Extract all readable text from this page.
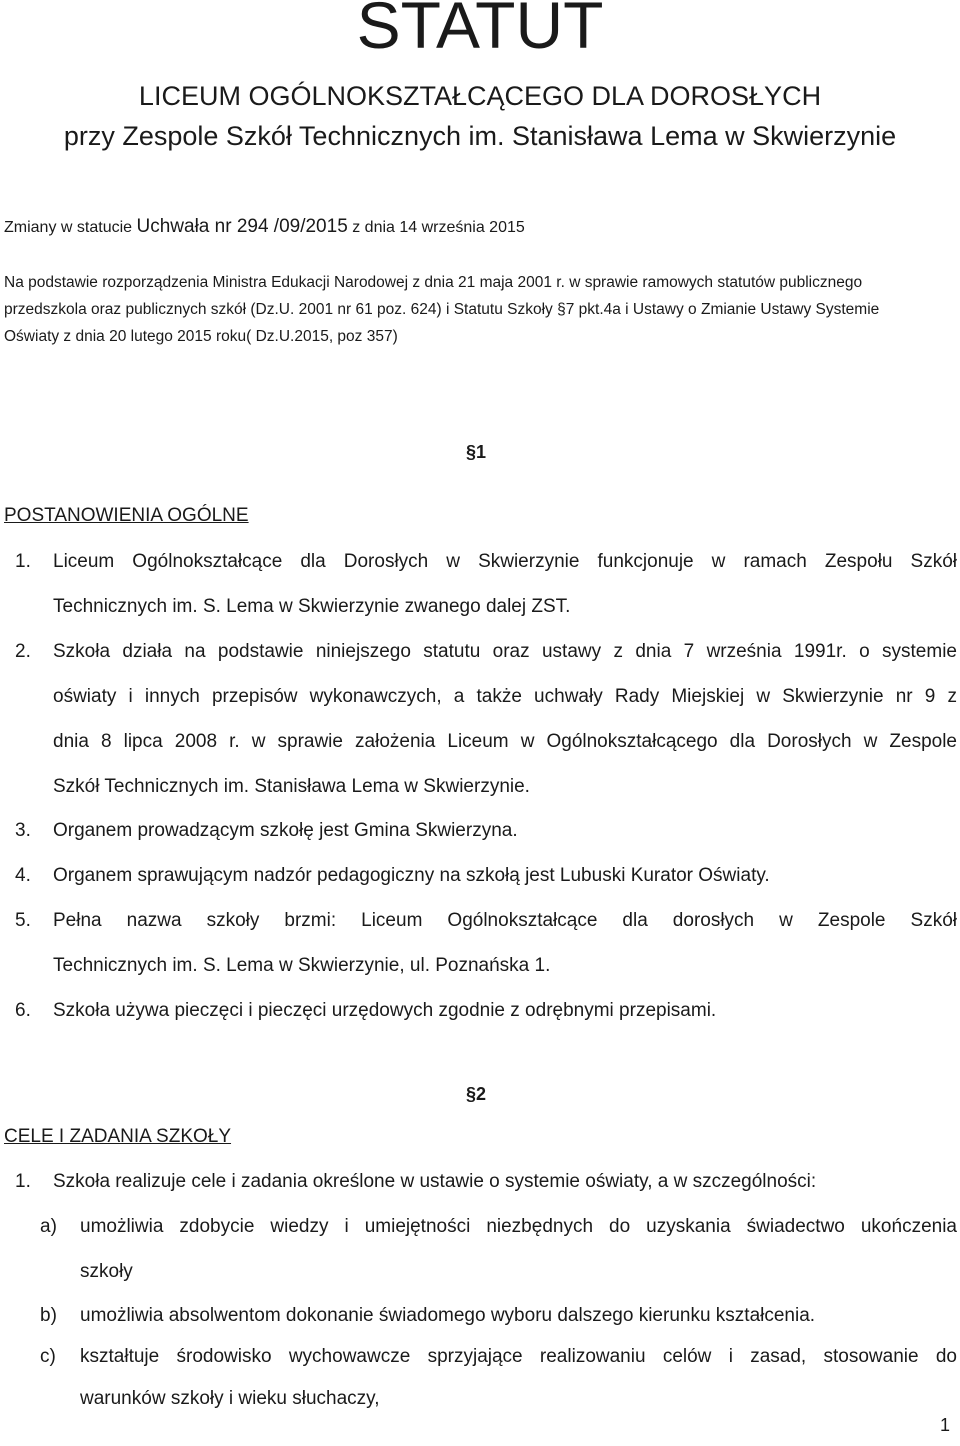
STATUT
LICEUM OGÓLNOKSZTAŁCĄCEGO DLA DOROSŁYCH
przy Zespole Szkół Technicznych im. Stanisława Lema w Skwierzynie
Zmiany w statucie Uchwała nr 294 /09/2015 z dnia 14 września 2015
Na podstawie rozporządzenia Ministra Edukacji Narodowej z dnia 21 maja 2001 r. w sprawie ramowych statutów publicznego
przedszkola oraz publicznych szkół (Dz.U. 2001 nr 61 poz. 624) i Statutu Szkoły §7 pkt.4a i Ustawy o Zmianie Ustawy Systemie
Oświaty z dnia 20 lutego 2015 roku( Dz.U.2015, poz 357)
§1
POSTANOWIENIA OGÓLNE
1. Liceum Ogólnokształcące dla Dorosłych w Skwierzynie funkcjonuje w ramach Zespołu Szkół
Technicznych im. S. Lema w Skwierzynie zwanego dalej ZST.
2. Szkoła działa na podstawie niniejszego statutu oraz ustawy z dnia 7 września 1991r. o systemie
oświaty i innych przepisów wykonawczych, a także uchwały Rady Miejskiej w Skwierzynie nr 9 z
dnia 8 lipca 2008 r. w sprawie założenia Liceum w Ogólnokształcącego dla Dorosłych w Zespole
Szkół Technicznych im. Stanisława Lema w Skwierzynie.
3. Organem prowadzącym szkołę jest Gmina Skwierzyna.
4. Organem sprawującym nadzór pedagogiczny na szkołą jest Lubuski Kurator Oświaty.
5. Pełna nazwa szkoły brzmi: Liceum Ogólnokształcące dla dorosłych w Zespole Szkół
Technicznych im. S. Lema w Skwierzynie, ul. Poznańska 1.
6. Szkoła używa pieczęci i pieczęci urzędowych zgodnie z odrębnymi przepisami.
§2
CELE I ZADANIA SZKOŁY
1. Szkoła realizuje cele i zadania określone w ustawie o systemie oświaty, a w szczególności:
a) umożliwia zdobycie wiedzy i umiejętności niezbędnych do uzyskania świadectwo ukończenia
szkoły
b) umożliwia absolwentom dokonanie świadomego wyboru dalszego kierunku kształcenia.
c) kształtuje środowisko wychowawcze sprzyjające realizowaniu celów i zasad, stosowanie do
warunków szkoły i wieku słuchaczy,
1
